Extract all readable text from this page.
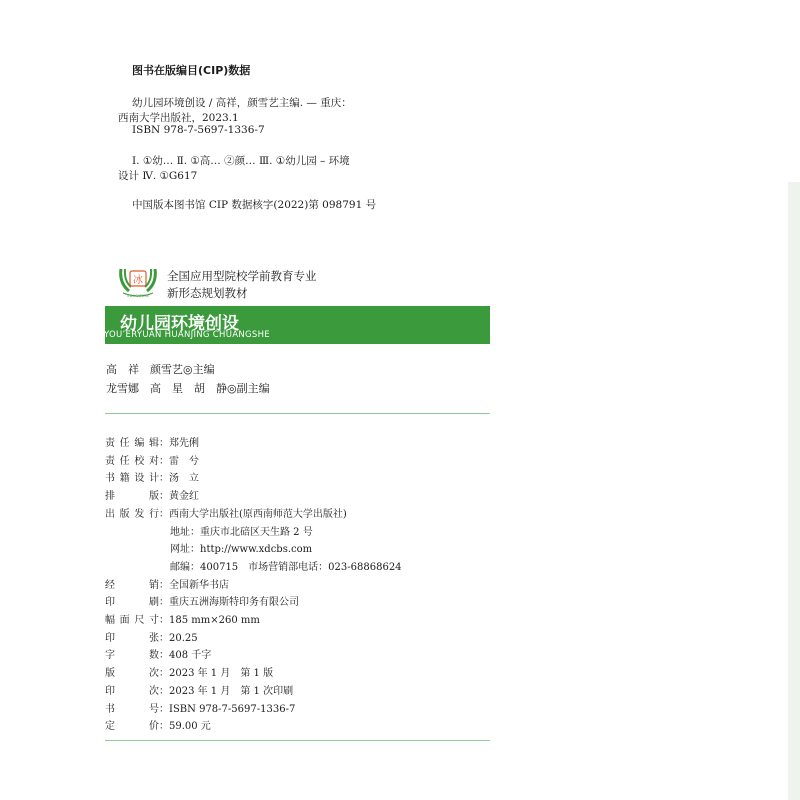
图书在版编目(CIP)数据
幼儿园环境创设 / 高祥，颜雪艺主编. — 重庆：
西南大学出版社，2023.1
ISBN 978-7-5697-1336-7
Ⅰ. ①幼… Ⅱ. ①高… ②颜… Ⅲ. ①幼儿园 – 环境
设计 Ⅳ. ①G617
中国版本图书馆 CIP 数据核字(2022)第 098791 号
冰
EDUCATION
全国应用型院校学前教育专业
新形态规划教材
幼儿园环境创设
YOU’ERYUAN HUANJING CHUANGSHE
高　祥　颜雪艺◎主编
龙雪娜　高　星　胡　静◎副主编
责任编辑：郑先俐
责任校对：雷　兮
书籍设计：汤　立
排版：黄金红
出版发行：西南大学出版社(原西南师范大学出版社)
地址：重庆市北碚区天生路 2 号
网址：http://www.xdcbs.com
邮编：400715　市场营销部电话：023-68868624
经销：全国新华书店
印刷：重庆五洲海斯特印务有限公司
幅面尺寸：185 mm×260 mm
印张：20.25
字数：408 千字
版次：2023 年 1 月　第 1 版
印次：2023 年 1 月　第 1 次印刷
书号：ISBN 978-7-5697-1336-7
定价：59.00 元
